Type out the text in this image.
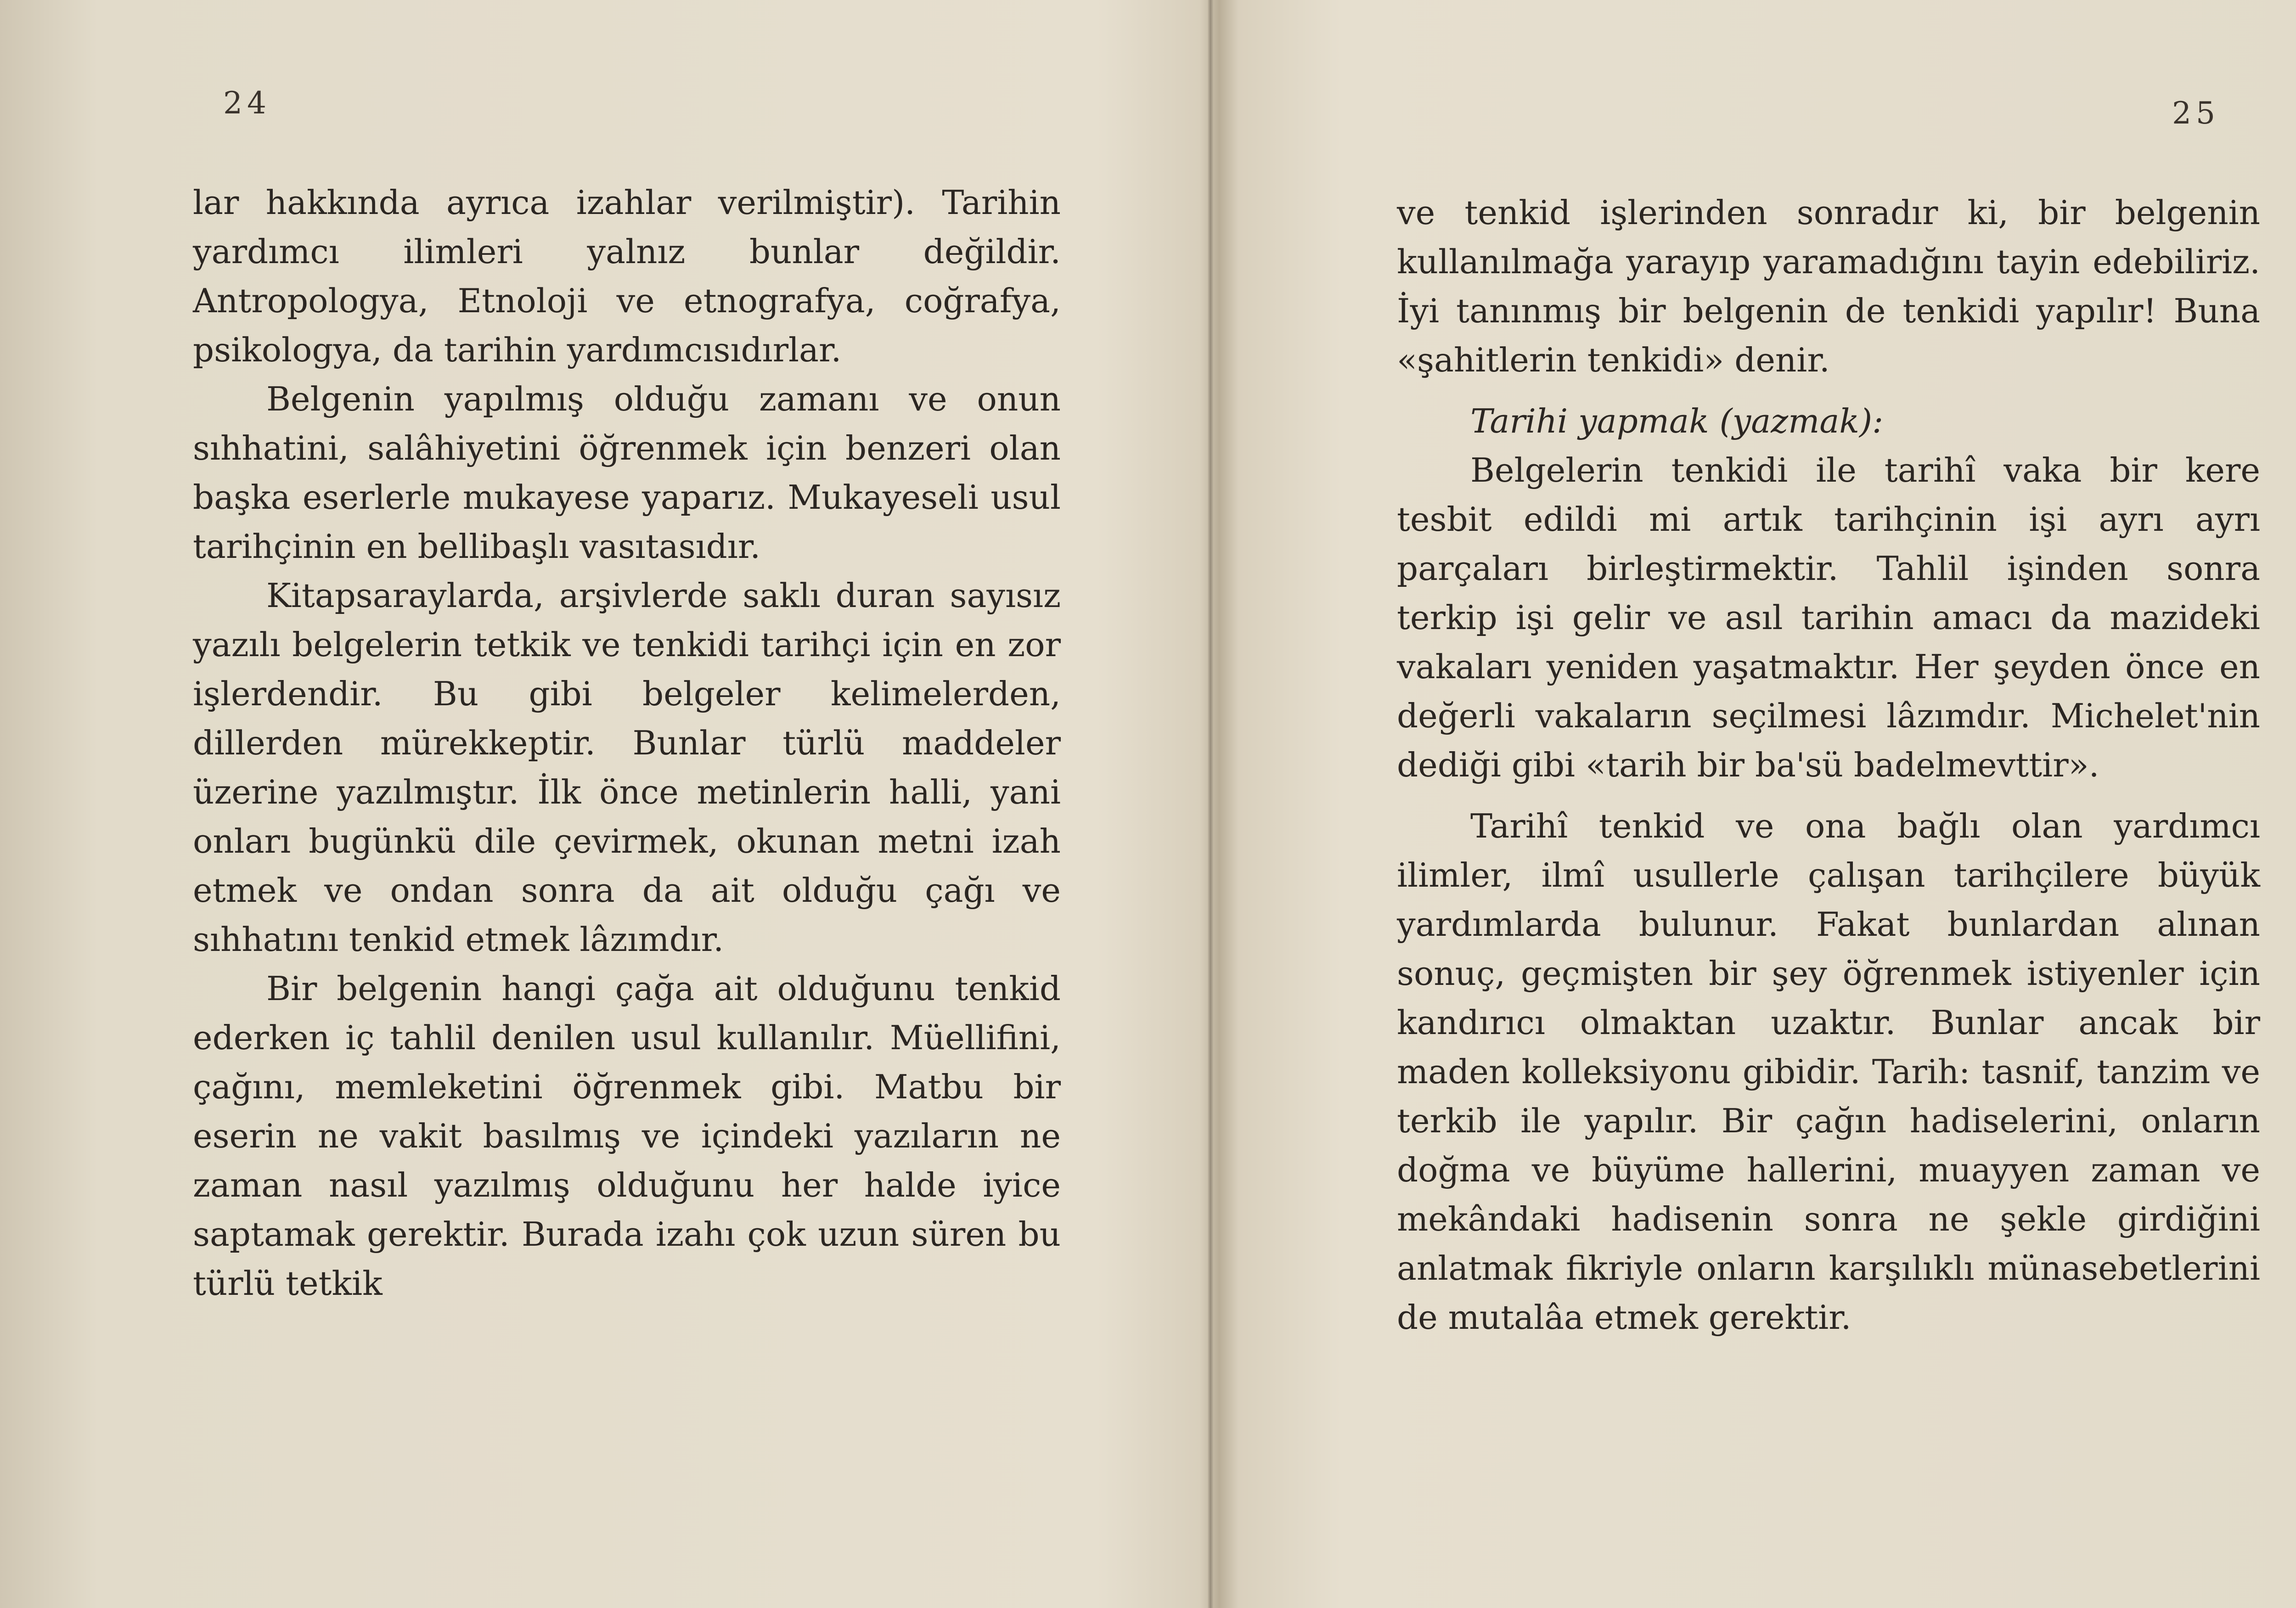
24

lar hakkında ayrıca izahlar verilmiştir). Tarihin yardımcı ilimleri yalnız bunlar değildir. Antropologya, Etnoloji ve etnografya, coğrafya, psikologya, da tarihin yardımcısıdırlar.

Belgenin yapılmış olduğu zamanı ve onun sıhhatini, salâhiyetini öğrenmek için benzeri olan başka eserlerle mukayese yaparız. Mukayeseli usul tarihçinin en bellibaşlı vasıtasıdır.

Kitapsaraylarda, arşivlerde saklı duran sayısız yazılı belgelerin tetkik ve tenkidi tarihçi için en zor işlerdendir. Bu gibi belgeler kelimelerden, dillerden mürekkeptir. Bunlar türlü maddeler üzerine yazılmıştır. İlk önce metinlerin halli, yani onları bugünkü dile çevirmek, okunan metni izah etmek ve ondan sonra da ait olduğu çağı ve sıhhatını tenkid etmek lâzımdır.

Bir belgenin hangi çağa ait olduğunu tenkid ederken iç tahlil denilen usul kullanılır. Müellifini, çağını, memleketini öğrenmek gibi. Matbu bir eserin ne vakit basılmış ve içindeki yazıların ne zaman nasıl yazılmış olduğunu her halde iyice saptamak gerektir. Burada izahı çok uzun süren bu türlü tetkik

25

ve tenkid işlerinden sonradır ki, bir belgenin kullanılmağa yarayıp yaramadığını tayin edebiliriz. İyi tanınmış bir belgenin de tenkidi yapılır! Buna «şahitlerin tenkidi» denir.

Tarihi yapmak (yazmak):

Belgelerin tenkidi ile tarihî vaka bir kere tesbit edildi mi artık tarihçinin işi ayrı ayrı parçaları birleştirmektir. Tahlil işinden sonra terkip işi gelir ve asıl tarihin amacı da mazideki vakaları yeniden yaşatmaktır. Her şeyden önce en değerli vakaların seçilmesi lâzımdır. Michelet'nin dediği gibi «tarih bir ba'sü badelmevttir».

Tarihî tenkid ve ona bağlı olan yardımcı ilimler, ilmî usullerle çalışan tarihçilere büyük yardımlarda bulunur. Fakat bunlardan alınan sonuç, geçmişten bir şey öğrenmek istiyenler için kandırıcı olmaktan uzaktır. Bunlar ancak bir maden kolleksiyonu gibidir. Tarih: tasnif, tanzim ve terkib ile yapılır. Bir çağın hadiselerini, onların doğma ve büyüme hallerini, muayyen zaman ve mekândaki hadisenin sonra ne şekle girdiğini anlatmak fikriyle onların karşılıklı münasebetlerini de mutalâa etmek gerektir.
